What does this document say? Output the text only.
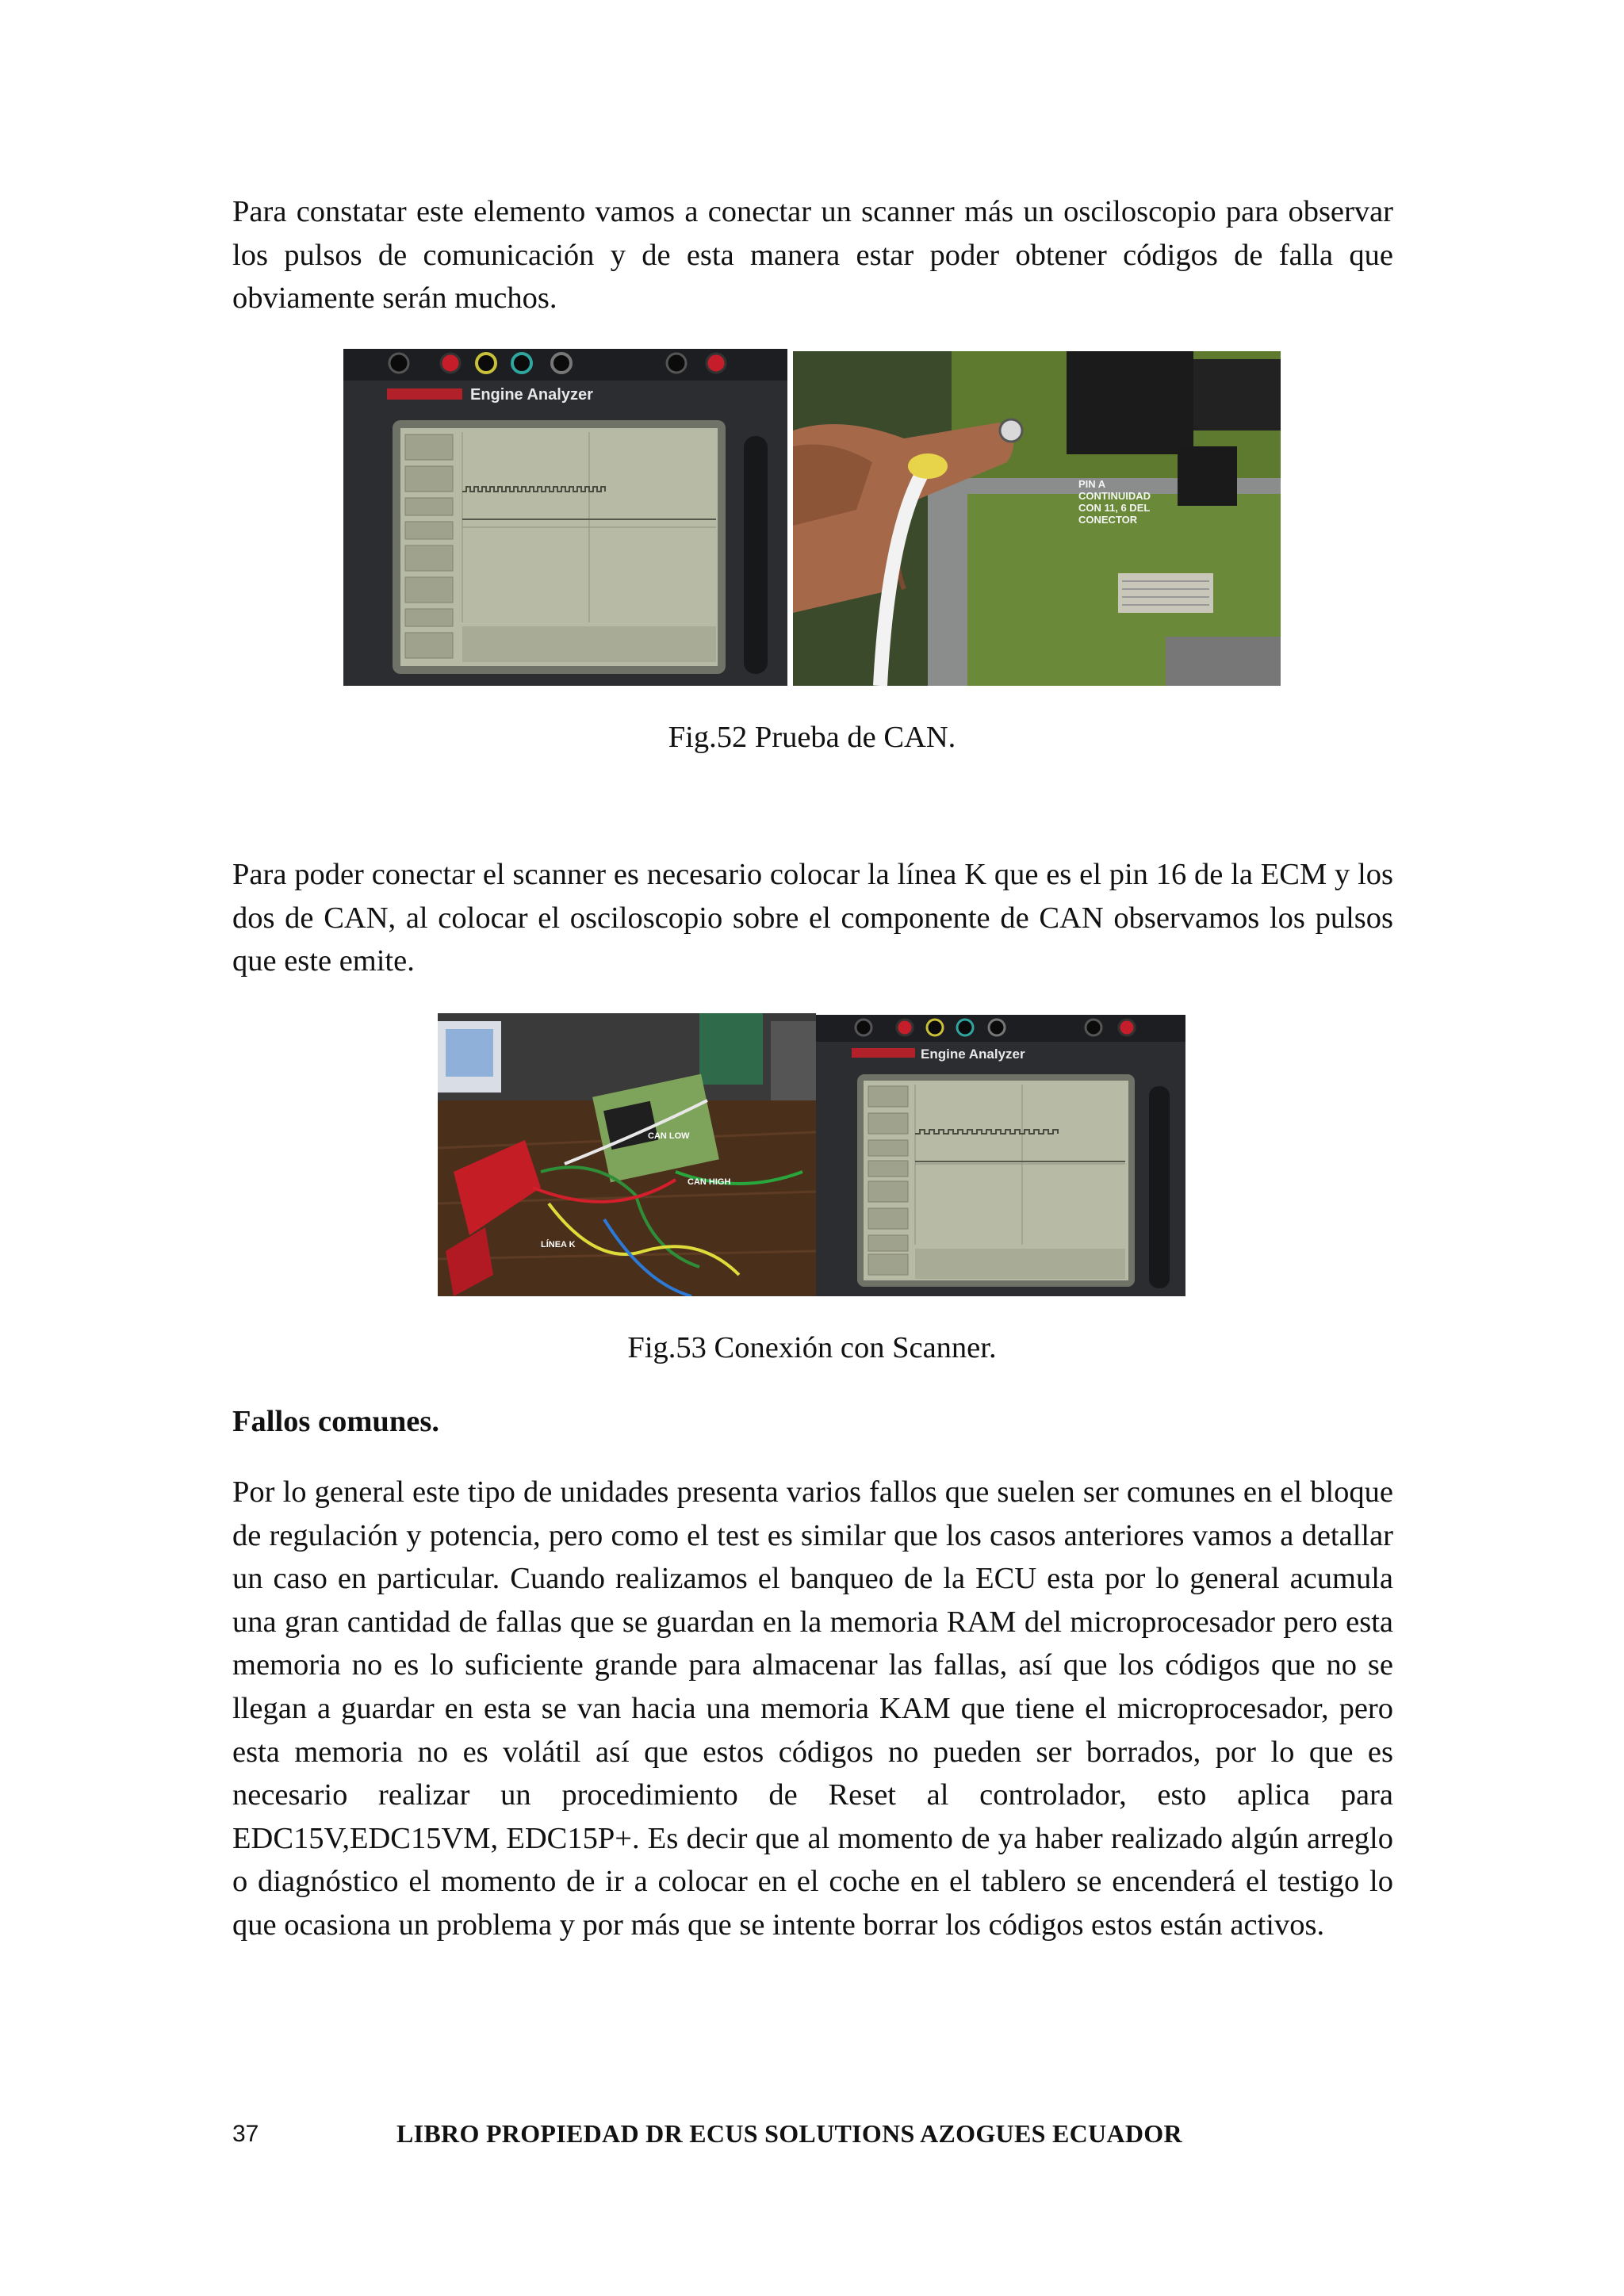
Para constatar este elemento vamos a conectar un scanner más un osciloscopio para observar los pulsos de comunicación y de esta manera estar poder obtener códigos de falla que obviamente serán muchos.

Engine Analyzer
PIN A CONTINUIDAD CON 11, 6 DEL CONECTOR

Fig.52 Prueba de CAN.

Para poder conectar el scanner es necesario colocar la línea K que es el pin 16 de la ECM y los dos de CAN, al colocar el osciloscopio sobre el componente de CAN observamos los pulsos que este emite.

CAN LOW
CAN HIGH
LÍNEA K
Engine Analyzer

Fig.53 Conexión con Scanner.

Fallos comunes.

Por lo general este tipo de unidades presenta varios fallos que suelen ser comunes en el bloque de regulación y potencia, pero como el test es similar que los casos anteriores vamos a detallar un caso en particular. Cuando realizamos el banqueo de la ECU esta por lo general acumula una gran cantidad de fallas que se guardan en la memoria RAM del microprocesador pero esta memoria no es lo suficiente grande para almacenar las fallas, así que los códigos que no se llegan a guardar en esta se van hacia una memoria KAM que tiene el microprocesador, pero esta memoria no es volátil así que estos códigos no pueden ser borrados, por lo que es necesario realizar un procedimiento de Reset al controlador, esto aplica para EDC15V,EDC15VM, EDC15P+. Es decir que al momento de ya haber realizado algún arreglo o diagnóstico el momento de ir a colocar en el coche en el tablero se encenderá el testigo lo que ocasiona un problema y por más que se intente borrar los códigos estos están activos.

37	LIBRO PROPIEDAD DR ECUS SOLUTIONS AZOGUES ECUADOR
